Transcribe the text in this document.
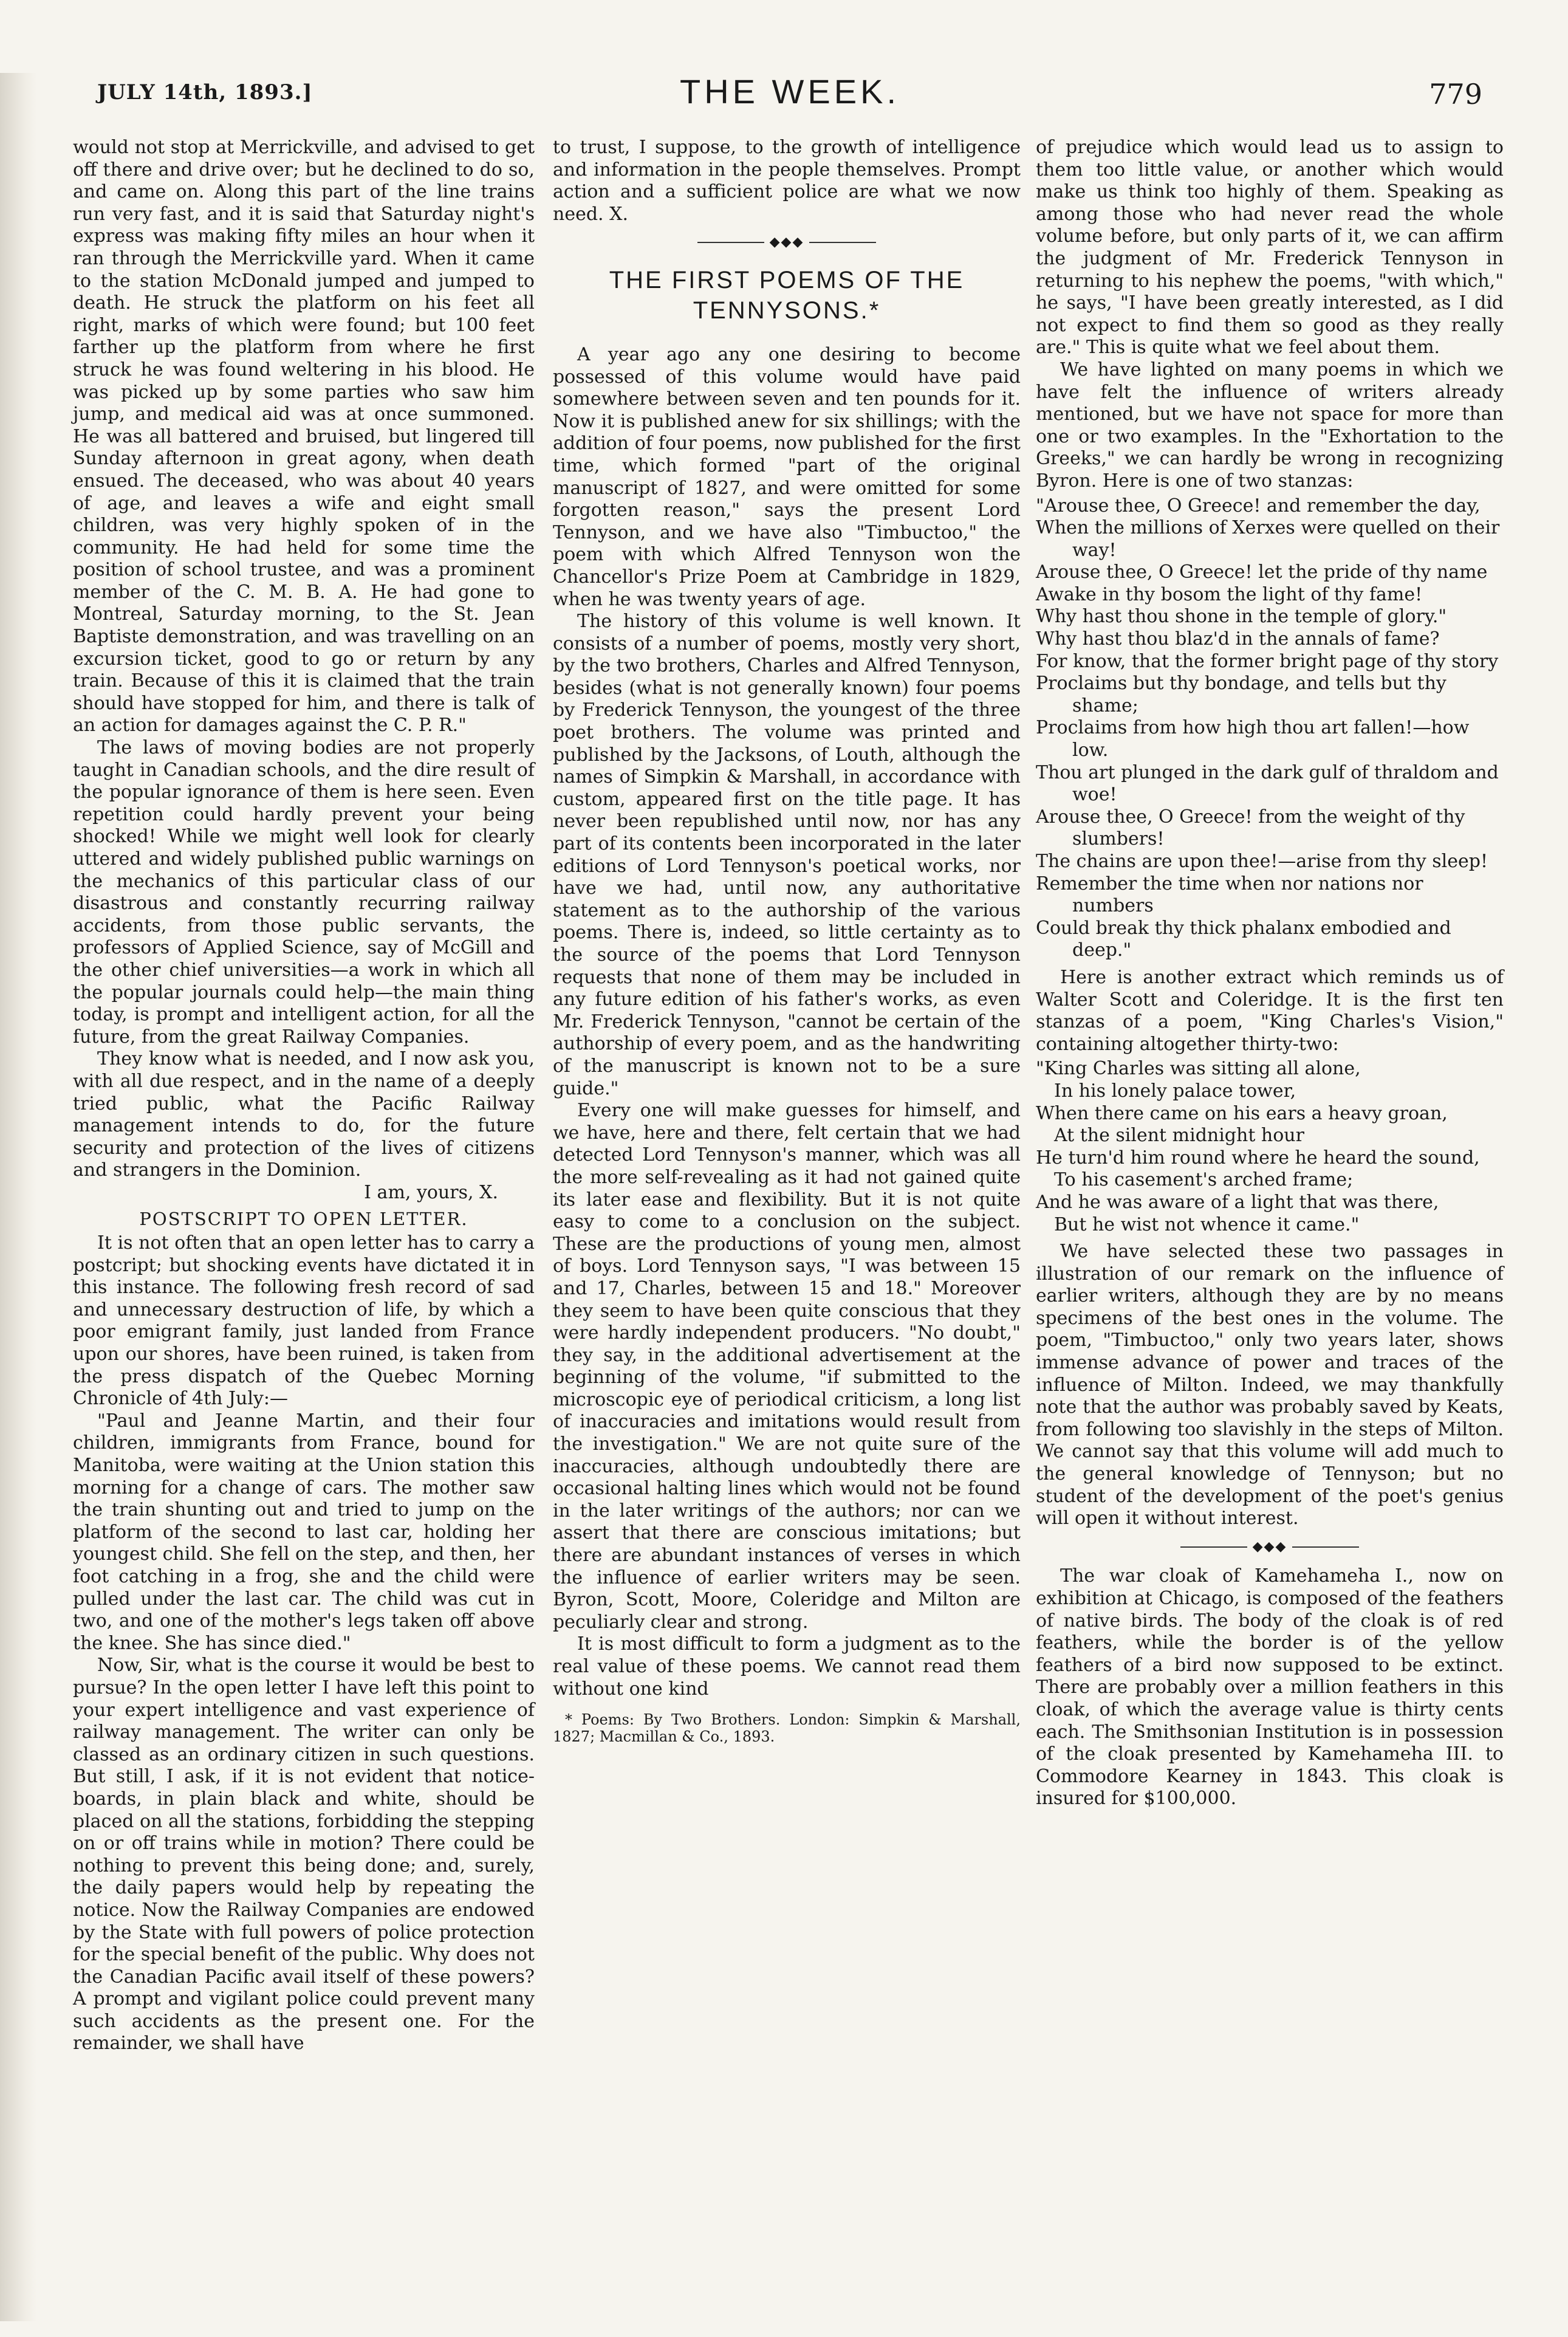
JULY 14th, 1893.]	THE WEEK.	779

would not stop at Merrickville, and advised to get off there and drive over; but he declined to do so, and came on. Along this part of the line trains run very fast, and it is said that Saturday night's express was making fifty miles an hour when it ran through the Merrickville yard. When it came to the station McDonald jumped and jumped to death. He struck the platform on his feet all right, marks of which were found; but 100 feet farther up the platform from where he first struck he was found weltering in his blood. He was picked up by some parties who saw him jump, and medical aid was at once summoned. He was all battered and bruised, but lingered till Sunday afternoon in great agony, when death ensued. The deceased, who was about 40 years of age, and leaves a wife and eight small children, was very highly spoken of in the community. He had held for some time the position of school trustee, and was a prominent member of the C. M. B. A. He had gone to Montreal, Saturday morning, to the St. Jean Baptiste demonstration, and was travelling on an excursion ticket, good to go or return by any train. Because of this it is claimed that the train should have stopped for him, and there is talk of an action for damages against the C. P. R."

The laws of moving bodies are not properly taught in Canadian schools, and the dire result of the popular ignorance of them is here seen. Even repetition could hardly prevent your being shocked! While we might well look for clearly uttered and widely published public warnings on the mechanics of this particular class of our disastrous and constantly recurring railway accidents, from those public servants, the professors of Applied Science, say of McGill and the other chief universities—a work in which all the popular journals could help—the main thing today, is prompt and intelligent action, for all the future, from the great Railway Companies.

They know what is needed, and I now ask you, with all due respect, and in the name of a deeply tried public, what the Pacific Railway management intends to do, for the future security and protection of the lives of citizens and strangers in the Dominion.

I am, yours, X.

POSTSCRIPT TO OPEN LETTER.

It is not often that an open letter has to carry a postcript; but shocking events have dictated it in this instance. The following fresh record of sad and unnecessary destruction of life, by which a poor emigrant family, just landed from France upon our shores, have been ruined, is taken from the press dispatch of the Quebec Morning Chronicle of 4th July:—

"Paul and Jeanne Martin, and their four children, immigrants from France, bound for Manitoba, were waiting at the Union station this morning for a change of cars. The mother saw the train shunting out and tried to jump on the platform of the second to last car, holding her youngest child. She fell on the step, and then, her foot catching in a frog, she and the child were pulled under the last car. The child was cut in two, and one of the mother's legs taken off above the knee. She has since died."

Now, Sir, what is the course it would be best to pursue? In the open letter I have left this point to your expert intelligence and vast experience of railway management. The writer can only be classed as an ordinary citizen in such questions. But still, I ask, if it is not evident that notice-boards, in plain black and white, should be placed on all the stations, forbidding the stepping on or off trains while in motion? There could be nothing to prevent this being done; and, surely, the daily papers would help by repeating the notice. Now the Railway Companies are endowed by the State with full powers of police protection for the special benefit of the public. Why does not the Canadian Pacific avail itself of these powers? A prompt and vigilant police could prevent many such accidents as the present one. For the remainder, we shall have

to trust, I suppose, to the growth of intelligence and information in the people themselves. Prompt action and a sufficient police are what we now need. X.

◆◆◆
THE FIRST POEMS OF THE TENNYSONS.*

A year ago any one desiring to become possessed of this volume would have paid somewhere between seven and ten pounds for it. Now it is published anew for six shillings; with the addition of four poems, now published for the first time, which formed "part of the original manuscript of 1827, and were omitted for some forgotten reason," says the present Lord Tennyson, and we have also "Timbuctoo," the poem with which Alfred Tennyson won the Chancellor's Prize Poem at Cambridge in 1829, when he was twenty years of age.

The history of this volume is well known. It consists of a number of poems, mostly very short, by the two brothers, Charles and Alfred Tennyson, besides (what is not generally known) four poems by Frederick Tennyson, the youngest of the three poet brothers. The volume was printed and published by the Jacksons, of Louth, although the names of Simpkin & Marshall, in accordance with custom, appeared first on the title page. It has never been republished until now, nor has any part of its contents been incorporated in the later editions of Lord Tennyson's poetical works, nor have we had, until now, any authoritative statement as to the authorship of the various poems. There is, indeed, so little certainty as to the source of the poems that Lord Tennyson requests that none of them may be included in any future edition of his father's works, as even Mr. Frederick Tennyson, "cannot be certain of the authorship of every poem, and as the handwriting of the manuscript is known not to be a sure guide."

Every one will make guesses for himself, and we have, here and there, felt certain that we had detected Lord Tennyson's manner, which was all the more self-revealing as it had not gained quite its later ease and flexibility. But it is not quite easy to come to a conclusion on the subject. These are the productions of young men, almost of boys. Lord Tennyson says, "I was between 15 and 17, Charles, between 15 and 18." Moreover they seem to have been quite conscious that they were hardly independent producers. "No doubt," they say, in the additional advertisement at the beginning of the volume, "if submitted to the microscopic eye of periodical criticism, a long list of inaccuracies and imitations would result from the investigation." We are not quite sure of the inaccuracies, although undoubtedly there are occasional halting lines which would not be found in the later writings of the authors; nor can we assert that there are conscious imitations; but there are abundant instances of verses in which the influence of earlier writers may be seen. Byron, Scott, Moore, Coleridge and Milton are peculiarly clear and strong.

It is most difficult to form a judgment as to the real value of these poems. We cannot read them without one kind

* Poems: By Two Brothers. London: Simpkin & Marshall, 1827; Macmillan & Co., 1893.

of prejudice which would lead us to assign to them too little value, or another which would make us think too highly of them. Speaking as among those who had never read the whole volume before, but only parts of it, we can affirm the judgment of Mr. Frederick Tennyson in returning to his nephew the poems, "with which," he says, "I have been greatly interested, as I did not expect to find them so good as they really are." This is quite what we feel about them.

We have lighted on many poems in which we have felt the influence of writers already mentioned, but we have not space for more than one or two examples. In the "Exhortation to the Greeks," we can hardly be wrong in recognizing Byron. Here is one of two stanzas:

"Arouse thee, O Greece! and remember the day,
When the millions of Xerxes were quelled on their way!
Arouse thee, O Greece! let the pride of thy name
Awake in thy bosom the light of thy fame!
Why hast thou shone in the temple of glory."
Why hast thou blaz'd in the annals of fame?
For know, that the former bright page of thy story
Proclaims but thy bondage, and tells but thy shame;
Proclaims from how high thou art fallen!—how low.
Thou art plunged in the dark gulf of thraldom and woe!
Arouse thee, O Greece! from the weight of thy slumbers!
The chains are upon thee!—arise from thy sleep!
Remember the time when nor nations nor numbers
Could break thy thick phalanx embodied and deep."

Here is another extract which reminds us of Walter Scott and Coleridge. It is the first ten stanzas of a poem, "King Charles's Vision," containing altogether thirty-two:

"King Charles was sitting all alone,
In his lonely palace tower,
When there came on his ears a heavy groan,
At the silent midnight hour
He turn'd him round where he heard the sound,
To his casement's arched frame;
And he was aware of a light that was there,
But he wist not whence it came."

We have selected these two passages in illustration of our remark on the influence of earlier writers, although they are by no means specimens of the best ones in the volume. The poem, "Timbuctoo," only two years later, shows immense advance of power and traces of the influence of Milton. Indeed, we may thankfully note that the author was probably saved by Keats, from following too slavishly in the steps of Milton. We cannot say that this volume will add much to the general knowledge of Tennyson; but no student of the development of the poet's genius will open it without interest.

◆◆◆

The war cloak of Kamehameha I., now on exhibition at Chicago, is composed of the feathers of native birds. The body of the cloak is of red feathers, while the border is of the yellow feathers of a bird now supposed to be extinct. There are probably over a million feathers in this cloak, of which the average value is thirty cents each. The Smithsonian Institution is in possession of the cloak presented by Kamehameha III. to Commodore Kearney in 1843. This cloak is insured for $100,000.
